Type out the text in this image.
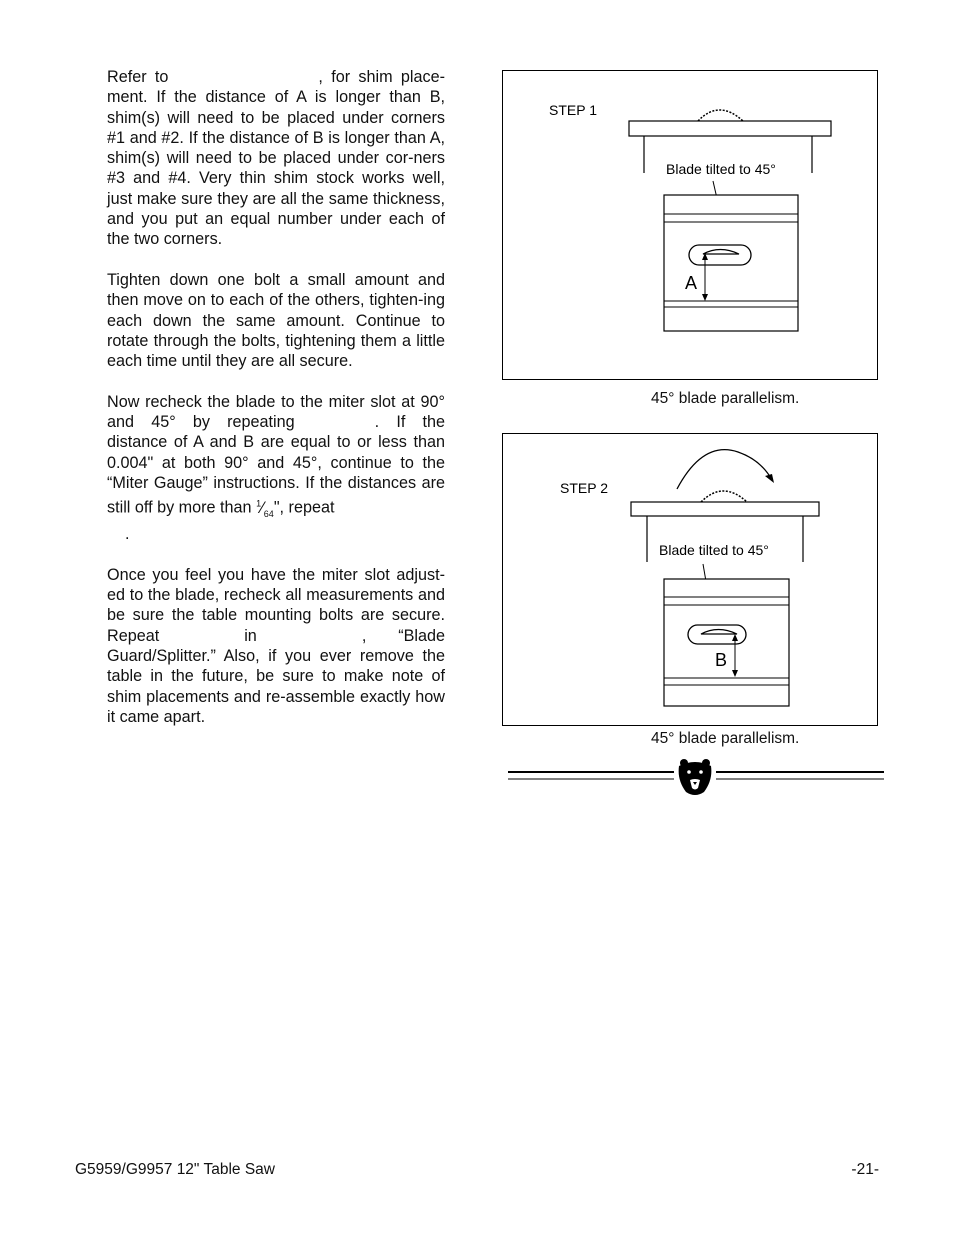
Refer to	, for shim place-ment. If the distance of A is longer than B, shim(s) will need to be placed under corners #1 and #2. If the distance of B is longer than A, shim(s) will need to be placed under cor-ners #3 and #4. Very thin shim stock works well, just make sure they are all the same thickness, and you put an equal number under each of the two corners.

Tighten down one bolt a small amount and then move on to each of the others, tighten-ing each down the same amount. Continue to rotate through the bolts, tightening them a little each time until they are all secure.

Now recheck the blade to the miter slot at 90° and 45° by repeating	. If the distance of A and B are equal to or less than 0.004" at both 90° and 45°, continue to the “Miter Gauge” instructions. If the distances are still off by more than $^1⁄_{64}$", repeat
.

Once you feel you have the miter slot adjust-ed to the blade, recheck all measurements and be sure the table mounting bolts are secure. Repeat	in	, “Blade Guard/Splitter.” Also, if you ever remove the table in the future, be sure to make note of shim placements and re-assemble exactly how it came apart.

STEP 1
Blade tilted to 45°
A
45° blade parallelism.
STEP 2
Blade tilted to 45°
B
45° blade parallelism.
G5959/G9957 12" Table Saw	-21-
